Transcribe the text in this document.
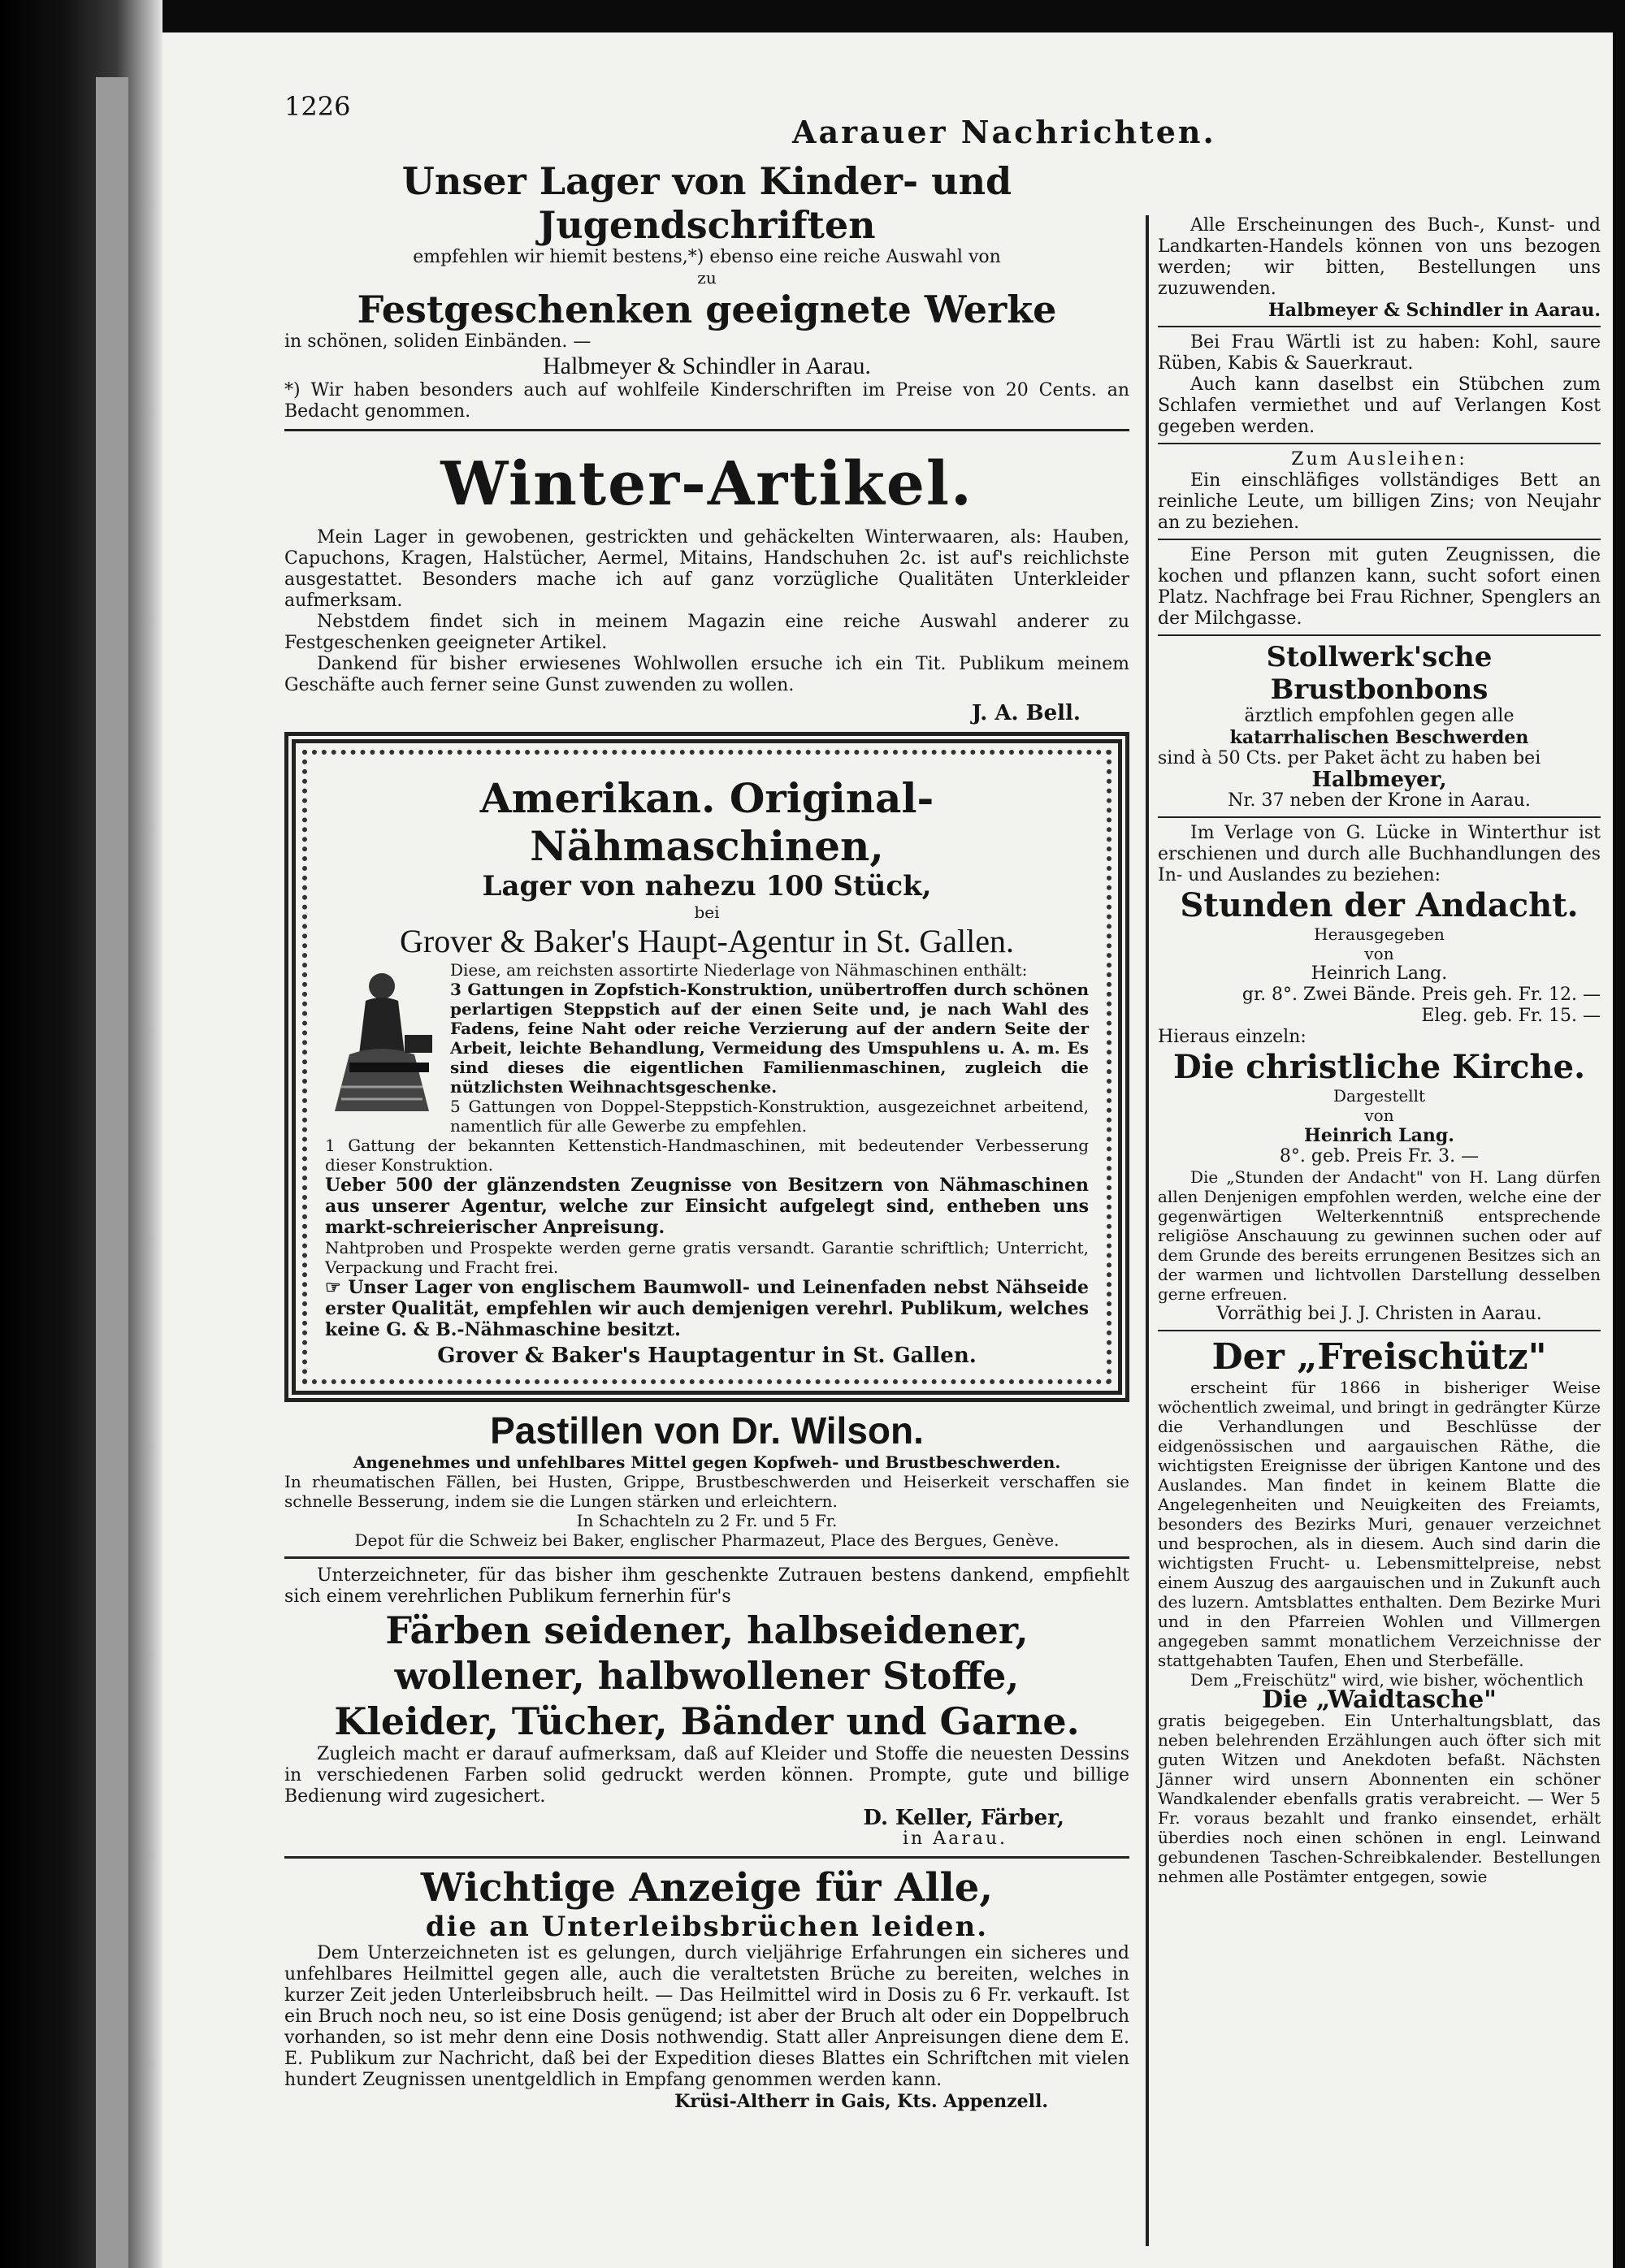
1226
Aarauer Nachrichten.

Unser Lager von Kinder- und Jugendschriften

empfehlen wir hiemit bestens,*) ebenso eine reiche Auswahl von

zu

Festgeschenken geeignete Werke

in schönen, soliden Einbänden. —

Halbmeyer & Schindler in Aarau.

*) Wir haben besonders auch auf wohlfeile Kinderschriften im Preise von 20 Cents. an Bedacht genommen.

Winter-Artikel.

Mein Lager in gewobenen, gestrickten und gehäckelten Winterwaaren, als: Hauben, Capuchons, Kragen, Halstücher, Aermel, Mitains, Handschuhen 2c. ist auf's reichlichste ausgestattet. Besonders mache ich auf ganz vorzügliche Qualitäten Unterkleider aufmerksam.

Nebstdem findet sich in meinem Magazin eine reiche Auswahl anderer zu Festgeschenken geeigneter Artikel.

Dankend für bisher erwiesenes Wohlwollen ersuche ich ein Tit. Publikum meinem Geschäfte auch ferner seine Gunst zuwenden zu wollen.

J. A. Bell.

Amerikan. Original-Nähmaschinen,

Lager von nahezu 100 Stück,

bei

Grover & Baker's Haupt-Agentur in St. Gallen.

Diese, am reichsten assortirte Niederlage von Nähmaschinen enthält:

3 Gattungen in Zopfstich-Konstruktion, unübertroffen durch schönen perlartigen Steppstich auf der einen Seite und, je nach Wahl des Fadens, feine Naht oder reiche Verzierung auf der andern Seite der Arbeit, leichte Behandlung, Vermeidung des Umspuhlens u. A. m. Es sind dieses die eigentlichen Familienmaschinen, zugleich die nützlichsten Weihnachtsgeschenke.

5 Gattungen von Doppel-Steppstich-Konstruktion, ausgezeichnet arbeitend, namentlich für alle Gewerbe zu empfehlen.

1 Gattung der bekannten Kettenstich-Handmaschinen, mit bedeutender Verbesserung dieser Konstruktion.

Ueber 500 der glänzendsten Zeugnisse von Besitzern von Nähmaschinen aus unserer Agentur, welche zur Einsicht aufgelegt sind, entheben uns markt-schreierischer Anpreisung.

Nahtproben und Prospekte werden gerne gratis versandt. Garantie schriftlich; Unterricht, Verpackung und Fracht frei.

☞ Unser Lager von englischem Baumwoll- und Leinenfaden nebst Nähseide erster Qualität, empfehlen wir auch demjenigen verehrl. Publikum, welches keine G. & B.-Nähmaschine besitzt.

Grover & Baker's Hauptagentur in St. Gallen.

Pastillen von Dr. Wilson.

Angenehmes und unfehlbares Mittel gegen Kopfweh- und Brustbeschwerden.

In rheumatischen Fällen, bei Husten, Grippe, Brustbeschwerden und Heiserkeit verschaffen sie schnelle Besserung, indem sie die Lungen stärken und erleichtern.

In Schachteln zu 2 Fr. und 5 Fr.

Depot für die Schweiz bei Baker, englischer Pharmazeut, Place des Bergues, Genève.

Unterzeichneter, für das bisher ihm geschenkte Zutrauen bestens dankend, empfiehlt sich einem verehrlichen Publikum fernerhin für's

Färben seidener, halbseidener, wollener, halbwollener Stoffe,

Kleider, Tücher, Bänder und Garne.

Zugleich macht er darauf aufmerksam, daß auf Kleider und Stoffe die neuesten Dessins in verschiedenen Farben solid gedruckt werden können. Prompte, gute und billige Bedienung wird zugesichert.

D. Keller, Färber,

in Aarau.

Wichtige Anzeige für Alle,

die an Unterleibsbrüchen leiden.

Dem Unterzeichneten ist es gelungen, durch vieljährige Erfahrungen ein sicheres und unfehlbares Heilmittel gegen alle, auch die veraltetsten Brüche zu bereiten, welches in kurzer Zeit jeden Unterleibsbruch heilt. — Das Heilmittel wird in Dosis zu 6 Fr. verkauft. Ist ein Bruch noch neu, so ist eine Dosis genügend; ist aber der Bruch alt oder ein Doppelbruch vorhanden, so ist mehr denn eine Dosis nothwendig. Statt aller Anpreisungen diene dem E. E. Publikum zur Nachricht, daß bei der Expedition dieses Blattes ein Schriftchen mit vielen hundert Zeugnissen unentgeldlich in Empfang genommen werden kann.

Krüsi-Altherr in Gais, Kts. Appenzell.

Alle Erscheinungen des Buch-, Kunst- und Landkarten-Handels können von uns bezogen werden; wir bitten, Bestellungen uns zuzuwenden.

Halbmeyer & Schindler in Aarau.

Bei Frau Wärtli ist zu haben: Kohl, saure Rüben, Kabis & Sauerkraut.

Auch kann daselbst ein Stübchen zum Schlafen vermiethet und auf Verlangen Kost gegeben werden.

Zum Ausleihen:

Ein einschläfiges vollständiges Bett an reinliche Leute, um billigen Zins; von Neujahr an zu beziehen.

Eine Person mit guten Zeugnissen, die kochen und pflanzen kann, sucht sofort einen Platz. Nachfrage bei Frau Richner, Spenglers an der Milchgasse.

Stollwerk'sche Brustbonbons

ärztlich empfohlen gegen alle

katarrhalischen Beschwerden

sind à 50 Cts. per Paket ächt zu haben bei

Halbmeyer,

Nr. 37 neben der Krone in Aarau.

Im Verlage von G. Lücke in Winterthur ist erschienen und durch alle Buchhandlungen des In- und Auslandes zu beziehen:

Stunden der Andacht.

Herausgegeben

von

Heinrich Lang.

gr. 8°. Zwei Bände. Preis geh. Fr. 12. —

Eleg. geb. Fr. 15. —

Hieraus einzeln:

Die christliche Kirche.

Dargestellt

von

Heinrich Lang.

8°. geb. Preis Fr. 3. —

Die „Stunden der Andacht" von H. Lang dürfen allen Denjenigen empfohlen werden, welche eine der gegenwärtigen Welterkenntniß entsprechende religiöse Anschauung zu gewinnen suchen oder auf dem Grunde des bereits errungenen Besitzes sich an der warmen und lichtvollen Darstellung desselben gerne erfreuen.

Vorräthig bei J. J. Christen in Aarau.

Der „Freischütz"

erscheint für 1866 in bisheriger Weise wöchentlich zweimal, und bringt in gedrängter Kürze die Verhandlungen und Beschlüsse der eidgenössischen und aargauischen Räthe, die wichtigsten Ereignisse der übrigen Kantone und des Auslandes. Man findet in keinem Blatte die Angelegenheiten und Neuigkeiten des Freiamts, besonders des Bezirks Muri, genauer verzeichnet und besprochen, als in diesem. Auch sind darin die wichtigsten Frucht- u. Lebensmittelpreise, nebst einem Auszug des aargauischen und in Zukunft auch des luzern. Amtsblattes enthalten. Dem Bezirke Muri und in den Pfarreien Wohlen und Villmergen angegeben sammt monatlichem Verzeichnisse der stattgehabten Taufen, Ehen und Sterbefälle.

Dem „Freischütz" wird, wie bisher, wöchentlich

Die „Waidtasche"

gratis beigegeben. Ein Unterhaltungsblatt, das neben belehrenden Erzählungen auch öfter sich mit guten Witzen und Anekdoten befaßt. Nächsten Jänner wird unsern Abonnenten ein schöner Wandkalender ebenfalls gratis verabreicht. — Wer 5 Fr. voraus bezahlt und franko einsendet, erhält überdies noch einen schönen in engl. Leinwand gebundenen Taschen-Schreibkalender. Bestellungen nehmen alle Postämter entgegen, sowie
